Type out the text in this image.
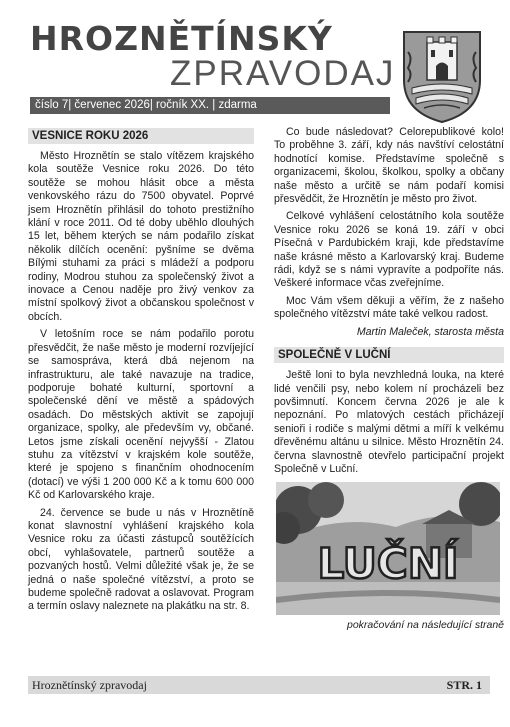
HROZNĚTÍNSKÝ
ZPRAVODAJ
číslo 7| červenec 2026| ročník XX. | zdarma
VESNICE ROKU 2026

Město Hroznětín se stalo vítězem krajského kola soutěže Vesnice roku 2026. Do této soutěže se mohou hlásit obce a města venkovského rázu do 7500 obyvatel. Poprvé jsem Hroznětín přihlásil do tohoto prestižního klání v roce 2011. Od té doby uběhlo dlouhých 15 let, během kterých se nám podařilo získat několik dílčích ocenění: pyšníme se dvěma Bílými stuhami za práci s mládeží a podporu rodiny, Modrou stuhou za společenský život a inovace a Cenou naděje pro živý venkov za místní spolkový život a občanskou společnost v obcích.

V letošním roce se nám podařilo porotu přesvědčit, že naše město je moderní rozvíjející se samospráva, která dbá nejenom na infrastrukturu, ale také navazuje na tradice, podporuje bohaté kulturní, sportovní a společenské dění ve městě a spádových osadách. Do městských aktivit se zapojují organizace, spolky, ale především vy, občané. Letos jsme získali ocenění nejvyšší - Zlatou stuhu za vítězství v krajském kole soutěže, které je spojeno s finančním ohodnocením (dotací) ve výši 1 200 000 Kč a k tomu 600 000 Kč od Karlovarského kraje.

24. července se bude u nás v Hroznětíně konat slavnostní vyhlášení krajského kola Vesnice roku za účasti zástupců soutěžících obcí, vyhlašovatele, partnerů soutěže a pozvaných hostů. Velmi důležité však je, že se jedná o naše společné vítězství, a proto se budeme společně radovat a oslavovat. Program a termín oslavy naleznete na plakátku na str. 8.

Co bude následovat? Celorepublikové kolo! To proběhne 3. září, kdy nás navštíví celostátní hodnotící komise. Představíme společně s organizacemi, školou, školkou, spolky a občany naše město a určitě se nám podaří komisi přesvědčit, že Hroznětín je město pro život.

Celkové vyhlášení celostátního kola soutěže Vesnice roku 2026 se koná 19. září v obci Písečná v Pardubickém kraji, kde představíme naše krásné město a Karlovarský kraj. Budeme rádi, když se s námi vypravíte a podpoříte nás. Veškeré informace včas zveřejníme.

Moc Vám všem děkuji a věřím, že z našeho společného vítězství máte také velkou radost.

Martin Maleček, starosta města
SPOLEČNĚ V LUČNÍ

Ještě loni to byla nevzhledná louka, na které lidé venčili psy, nebo kolem ní procházeli bez povšimnutí. Koncem června 2026 je ale k nepoznání. Po mlatových cestách přicházejí senioři i rodiče s malými dětmi a míří k velkému dřevěnému altánu u silnice. Město Hroznětín 24. června slavnostně otevřelo participační projekt Společně v Luční.

LUČNÍ
pokračování na následující straně
Hroznětínský zpravodaj	STR. 1
